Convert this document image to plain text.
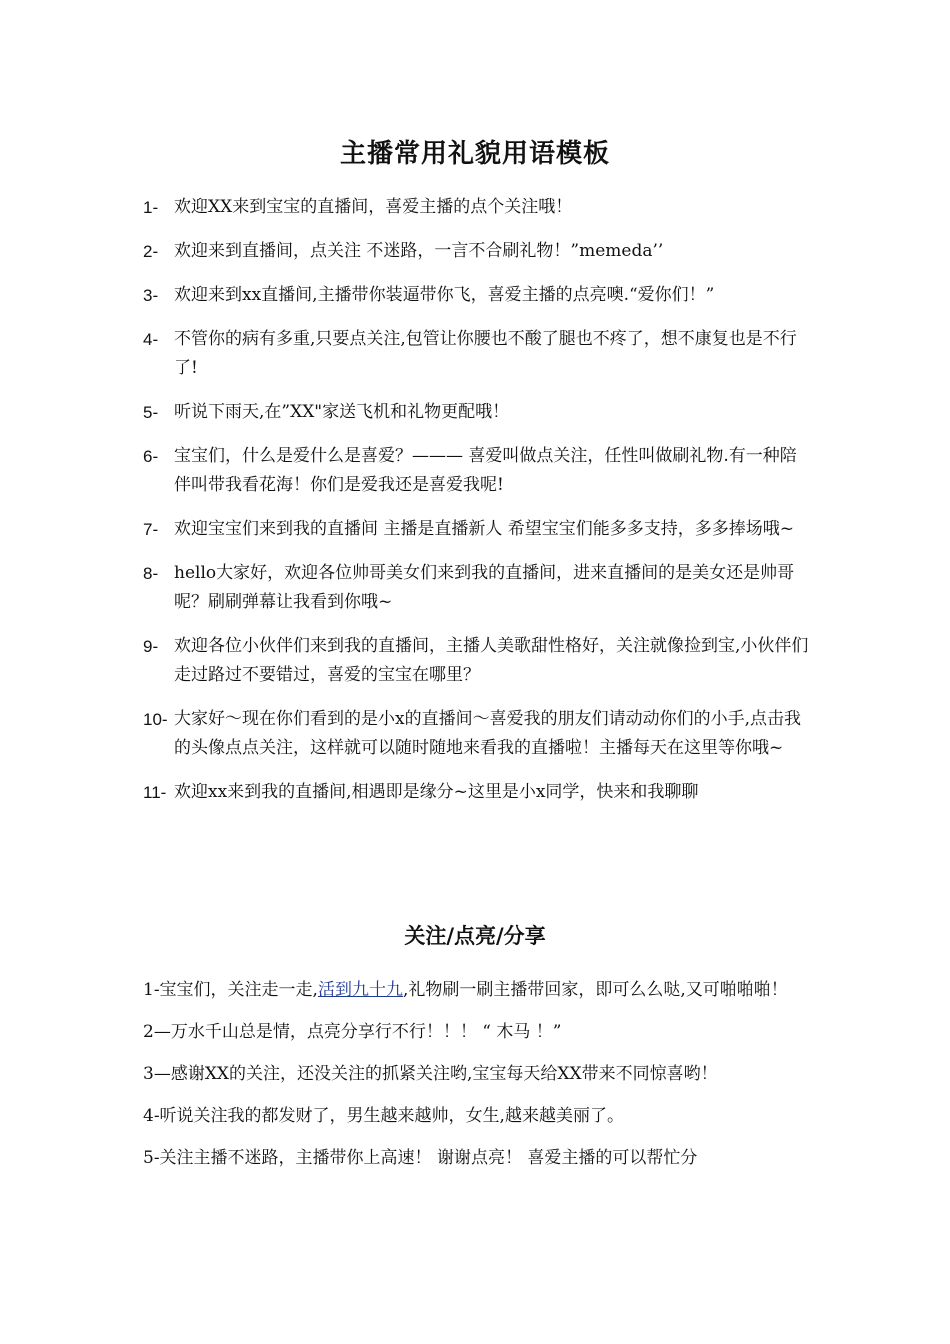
主播常用礼貌用语模板
1- 欢迎XX来到宝宝的直播间，喜爱主播的点个关注哦！
2- 欢迎来到直播间，点关注 不迷路，一言不合刷礼物！”memeda’’
3- 欢迎来到xx直播间,主播带你装逼带你飞，喜爱主播的点亮噢.“爱你们！”
4- 不管你的病有多重,只要点关注,包管让你腰也不酸了腿也不疼了，想不康复也是不行了!
5- 听说下雨天,在”XX"家送飞机和礼物更配哦！
6- 宝宝们，什么是爱什么是喜爱？——— 喜爱叫做点关注，任性叫做刷礼物.有一种陪伴叫带我看花海！你们是爱我还是喜爱我呢!
7- 欢迎宝宝们来到我的直播间 主播是直播新人 希望宝宝们能多多支持，多多捧场哦~
8- hello大家好，欢迎各位帅哥美女们来到我的直播间，进来直播间的是美女还是帅哥呢？刷刷弹幕让我看到你哦~
9- 欢迎各位小伙伴们来到我的直播间，主播人美歌甜性格好，关注就像捡到宝,小伙伴们走过路过不要错过，喜爱的宝宝在哪里？
10- 大家好～现在你们看到的是小x的直播间～喜爱我的朋友们请动动你们的小手,点击我的头像点点关注，这样就可以随时随地来看我的直播啦！主播每天在这里等你哦~
11- 欢迎xx来到我的直播间,相遇即是缘分~这里是小x同学，快来和我聊聊
关注/点亮/分享
1-宝宝们，关注走一走,活到九十九,礼物刷一刷主播带回家，即可么么哒,又可啪啪啪！
2—万水千山总是情，点亮分享行不行！！！ “ 木马 ！”
3—感谢XX的关注，还没关注的抓紧关注哟,宝宝每天给XX带来不同惊喜哟！
4-听说关注我的都发财了，男生越来越帅，女生,越来越美丽了。
5-关注主播不迷路，主播带你上高速！ 谢谢点亮！ 喜爱主播的可以帮忙分
